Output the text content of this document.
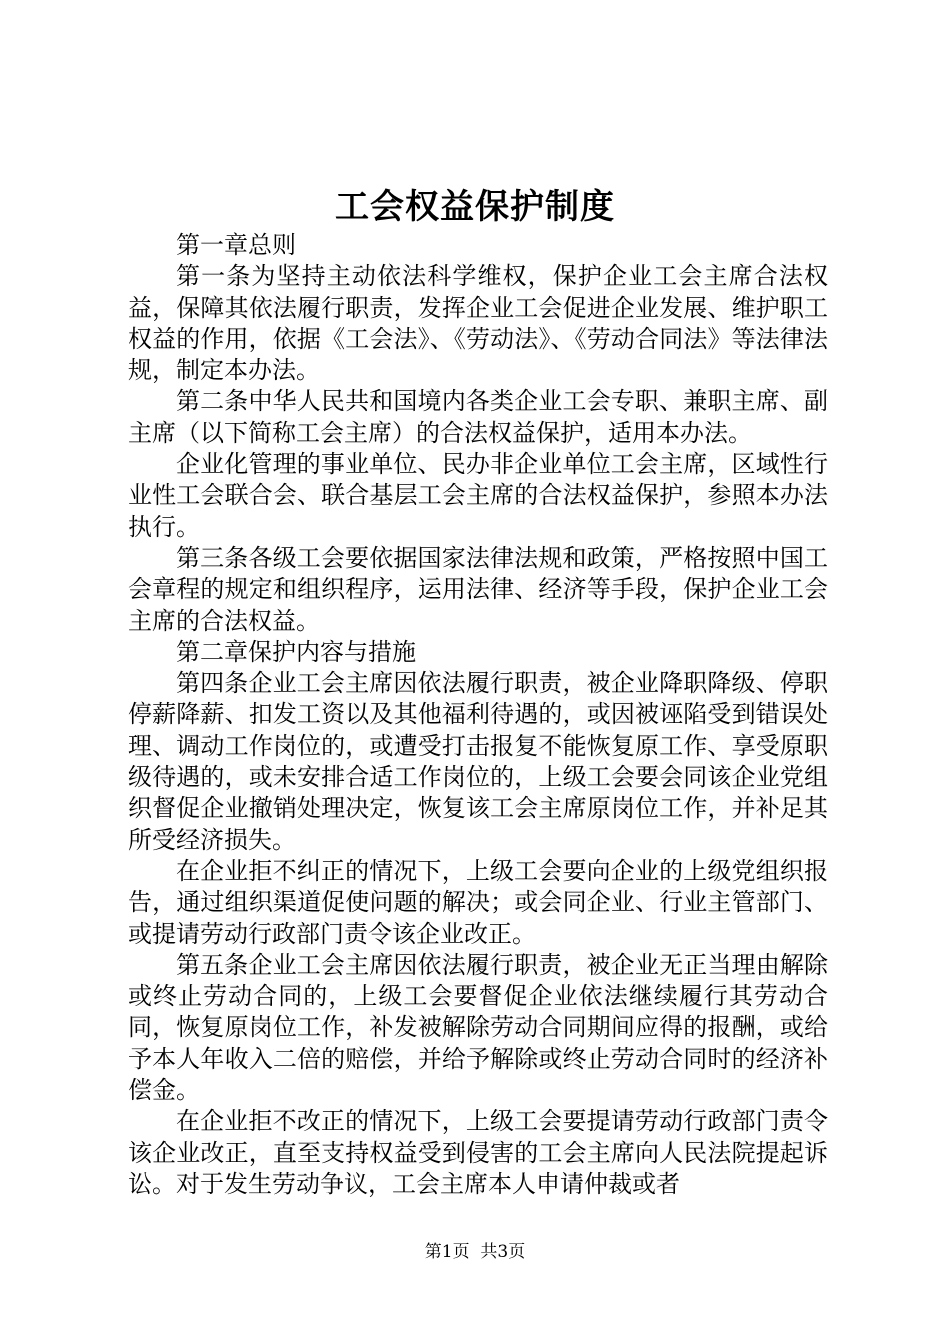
工会权益保护制度

第一章总则

第一条为坚持主动依法科学维权，保护企业工会主席合法权益，保障其依法履行职责，发挥企业工会促进企业发展、维护职工权益的作用，依据《工会法》、《劳动法》、《劳动合同法》等法律法规，制定本办法。

第二条中华人民共和国境内各类企业工会专职、兼职主席、副主席（以下简称工会主席）的合法权益保护，适用本办法。

企业化管理的事业单位、民办非企业单位工会主席，区域性行业性工会联合会、联合基层工会主席的合法权益保护，参照本办法执行。

第三条各级工会要依据国家法律法规和政策，严格按照中国工会章程的规定和组织程序，运用法律、经济等手段，保护企业工会主席的合法权益。

第二章保护内容与措施

第四条企业工会主席因依法履行职责，被企业降职降级、停职停薪降薪、扣发工资以及其他福利待遇的，或因被诬陷受到错误处理、调动工作岗位的，或遭受打击报复不能恢复原工作、享受原职级待遇的，或未安排合适工作岗位的，上级工会要会同该企业党组织督促企业撤销处理决定，恢复该工会主席原岗位工作，并补足其所受经济损失。

在企业拒不纠正的情况下，上级工会要向企业的上级党组织报告，通过组织渠道促使问题的解决；或会同企业、行业主管部门、或提请劳动行政部门责令该企业改正。

第五条企业工会主席因依法履行职责，被企业无正当理由解除或终止劳动合同的，上级工会要督促企业依法继续履行其劳动合同，恢复原岗位工作，补发被解除劳动合同期间应得的报酬，或给予本人年收入二倍的赔偿，并给予解除或终止劳动合同时的经济补偿金。

在企业拒不改正的情况下，上级工会要提请劳动行政部门责令该企业改正，直至支持权益受到侵害的工会主席向人民法院提起诉讼。对于发生劳动争议，工会主席本人申请仲裁或者

第1页 共3页
